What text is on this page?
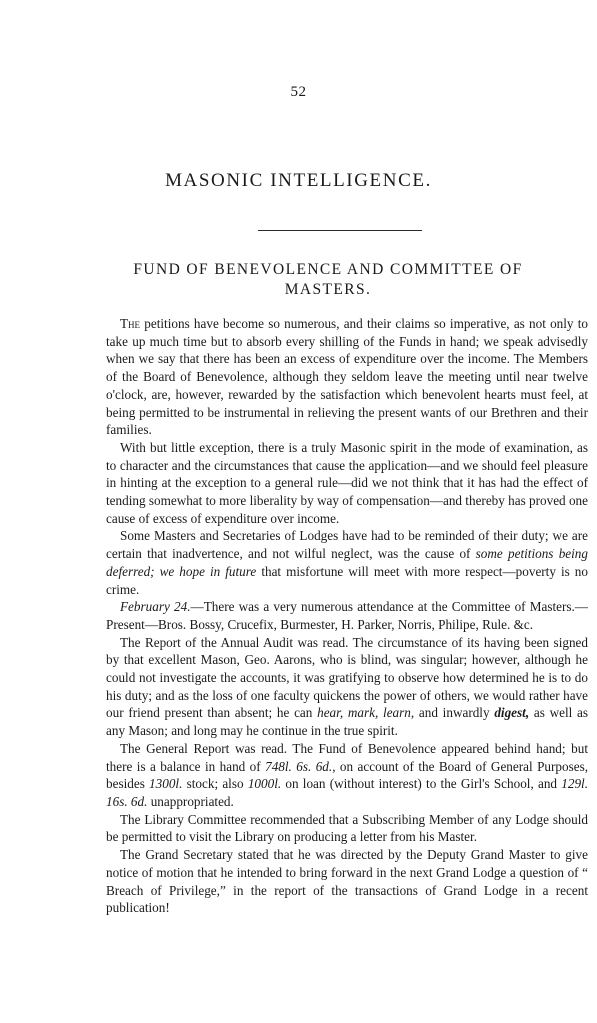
52
MASONIC INTELLIGENCE.
FUND OF BENEVOLENCE AND COMMITTEE OF MASTERS.

The petitions have become so numerous, and their claims so imperative, as not only to take up much time but to absorb every shilling of the Funds in hand; we speak advisedly when we say that there has been an excess of expenditure over the income. The Members of the Board of Benevolence, although they seldom leave the meeting until near twelve o'clock, are, however, rewarded by the satisfaction which benevolent hearts must feel, at being permitted to be instrumental in relieving the present wants of our Brethren and their families.

With but little exception, there is a truly Masonic spirit in the mode of examination, as to character and the circumstances that cause the application—and we should feel pleasure in hinting at the exception to a general rule—did we not think that it has had the effect of tending somewhat to more liberality by way of compensation—and thereby has proved one cause of excess of expenditure over income.

Some Masters and Secretaries of Lodges have had to be reminded of their duty; we are certain that inadvertence, and not wilful neglect, was the cause of some petitions being deferred; we hope in future that misfortune will meet with more respect—poverty is no crime.

February 24.—There was a very numerous attendance at the Committee of Masters.—Present—Bros. Bossy, Crucefix, Burmester, H. Parker, Norris, Philipe, Rule. &c.

The Report of the Annual Audit was read. The circumstance of its having been signed by that excellent Mason, Geo. Aarons, who is blind, was singular; however, although he could not investigate the accounts, it was gratifying to observe how determined he is to do his duty; and as the loss of one faculty quickens the power of others, we would rather have our friend present than absent; he can hear, mark, learn, and inwardly digest, as well as any Mason; and long may he continue in the true spirit.

The General Report was read. The Fund of Benevolence appeared behind hand; but there is a balance in hand of 748l. 6s. 6d., on account of the Board of General Purposes, besides 1300l. stock; also 1000l. on loan (without interest) to the Girl's School, and 129l. 16s. 6d. unappropriated.

The Library Committee recommended that a Subscribing Member of any Lodge should be permitted to visit the Library on producing a letter from his Master.

The Grand Secretary stated that he was directed by the Deputy Grand Master to give notice of motion that he intended to bring forward in the next Grand Lodge a question of “ Breach of Privilege,” in the report of the transactions of Grand Lodge in a recent publication!
